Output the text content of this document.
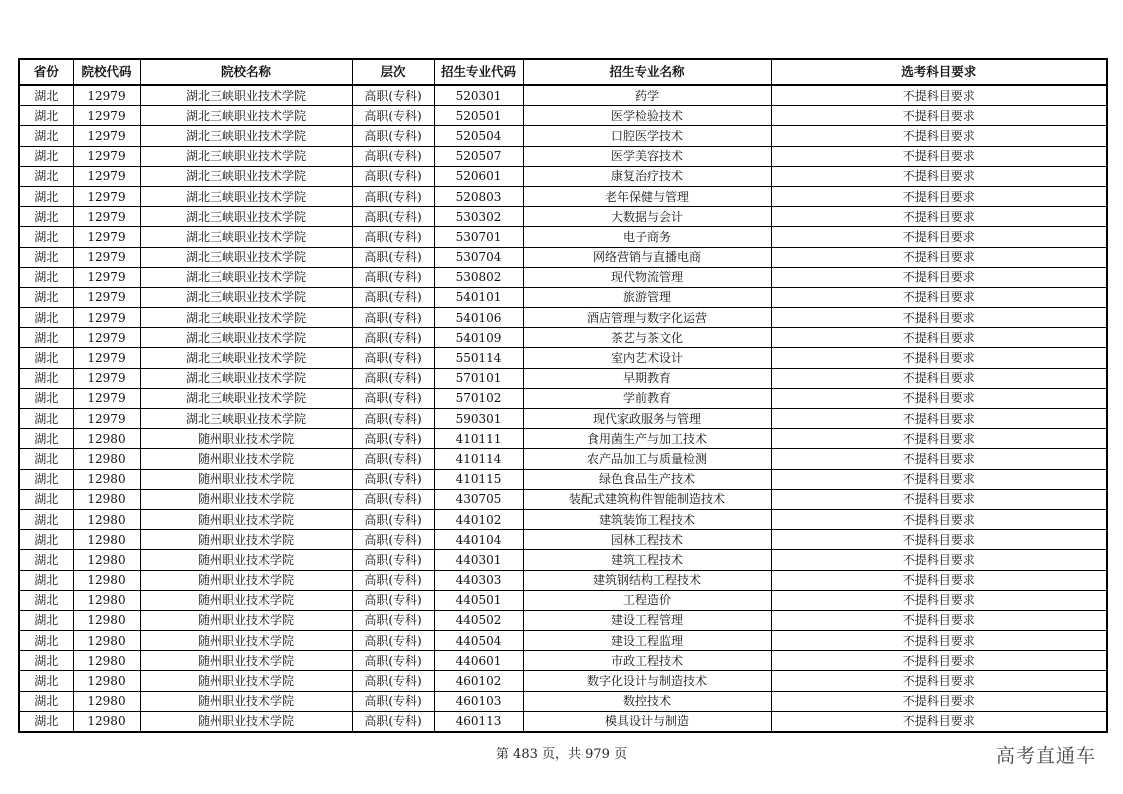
省份	院校代码	院校名称	层次	招生专业代码	招生专业名称	选考科目要求
湖北	12979	湖北三峡职业技术学院	高职(专科)	520301	药学	不提科目要求
湖北	12979	湖北三峡职业技术学院	高职(专科)	520501	医学检验技术	不提科目要求
湖北	12979	湖北三峡职业技术学院	高职(专科)	520504	口腔医学技术	不提科目要求
湖北	12979	湖北三峡职业技术学院	高职(专科)	520507	医学美容技术	不提科目要求
湖北	12979	湖北三峡职业技术学院	高职(专科)	520601	康复治疗技术	不提科目要求
湖北	12979	湖北三峡职业技术学院	高职(专科)	520803	老年保健与管理	不提科目要求
湖北	12979	湖北三峡职业技术学院	高职(专科)	530302	大数据与会计	不提科目要求
湖北	12979	湖北三峡职业技术学院	高职(专科)	530701	电子商务	不提科目要求
湖北	12979	湖北三峡职业技术学院	高职(专科)	530704	网络营销与直播电商	不提科目要求
湖北	12979	湖北三峡职业技术学院	高职(专科)	530802	现代物流管理	不提科目要求
湖北	12979	湖北三峡职业技术学院	高职(专科)	540101	旅游管理	不提科目要求
湖北	12979	湖北三峡职业技术学院	高职(专科)	540106	酒店管理与数字化运营	不提科目要求
湖北	12979	湖北三峡职业技术学院	高职(专科)	540109	茶艺与茶文化	不提科目要求
湖北	12979	湖北三峡职业技术学院	高职(专科)	550114	室内艺术设计	不提科目要求
湖北	12979	湖北三峡职业技术学院	高职(专科)	570101	早期教育	不提科目要求
湖北	12979	湖北三峡职业技术学院	高职(专科)	570102	学前教育	不提科目要求
湖北	12979	湖北三峡职业技术学院	高职(专科)	590301	现代家政服务与管理	不提科目要求
湖北	12980	随州职业技术学院	高职(专科)	410111	食用菌生产与加工技术	不提科目要求
湖北	12980	随州职业技术学院	高职(专科)	410114	农产品加工与质量检测	不提科目要求
湖北	12980	随州职业技术学院	高职(专科)	410115	绿色食品生产技术	不提科目要求
湖北	12980	随州职业技术学院	高职(专科)	430705	装配式建筑构件智能制造技术	不提科目要求
湖北	12980	随州职业技术学院	高职(专科)	440102	建筑装饰工程技术	不提科目要求
湖北	12980	随州职业技术学院	高职(专科)	440104	园林工程技术	不提科目要求
湖北	12980	随州职业技术学院	高职(专科)	440301	建筑工程技术	不提科目要求
湖北	12980	随州职业技术学院	高职(专科)	440303	建筑钢结构工程技术	不提科目要求
湖北	12980	随州职业技术学院	高职(专科)	440501	工程造价	不提科目要求
湖北	12980	随州职业技术学院	高职(专科)	440502	建设工程管理	不提科目要求
湖北	12980	随州职业技术学院	高职(专科)	440504	建设工程监理	不提科目要求
湖北	12980	随州职业技术学院	高职(专科)	440601	市政工程技术	不提科目要求
湖北	12980	随州职业技术学院	高职(专科)	460102	数字化设计与制造技术	不提科目要求
湖北	12980	随州职业技术学院	高职(专科)	460103	数控技术	不提科目要求
湖北	12980	随州职业技术学院	高职(专科)	460113	模具设计与制造	不提科目要求
第 483 页，共 979 页	高考直通车
